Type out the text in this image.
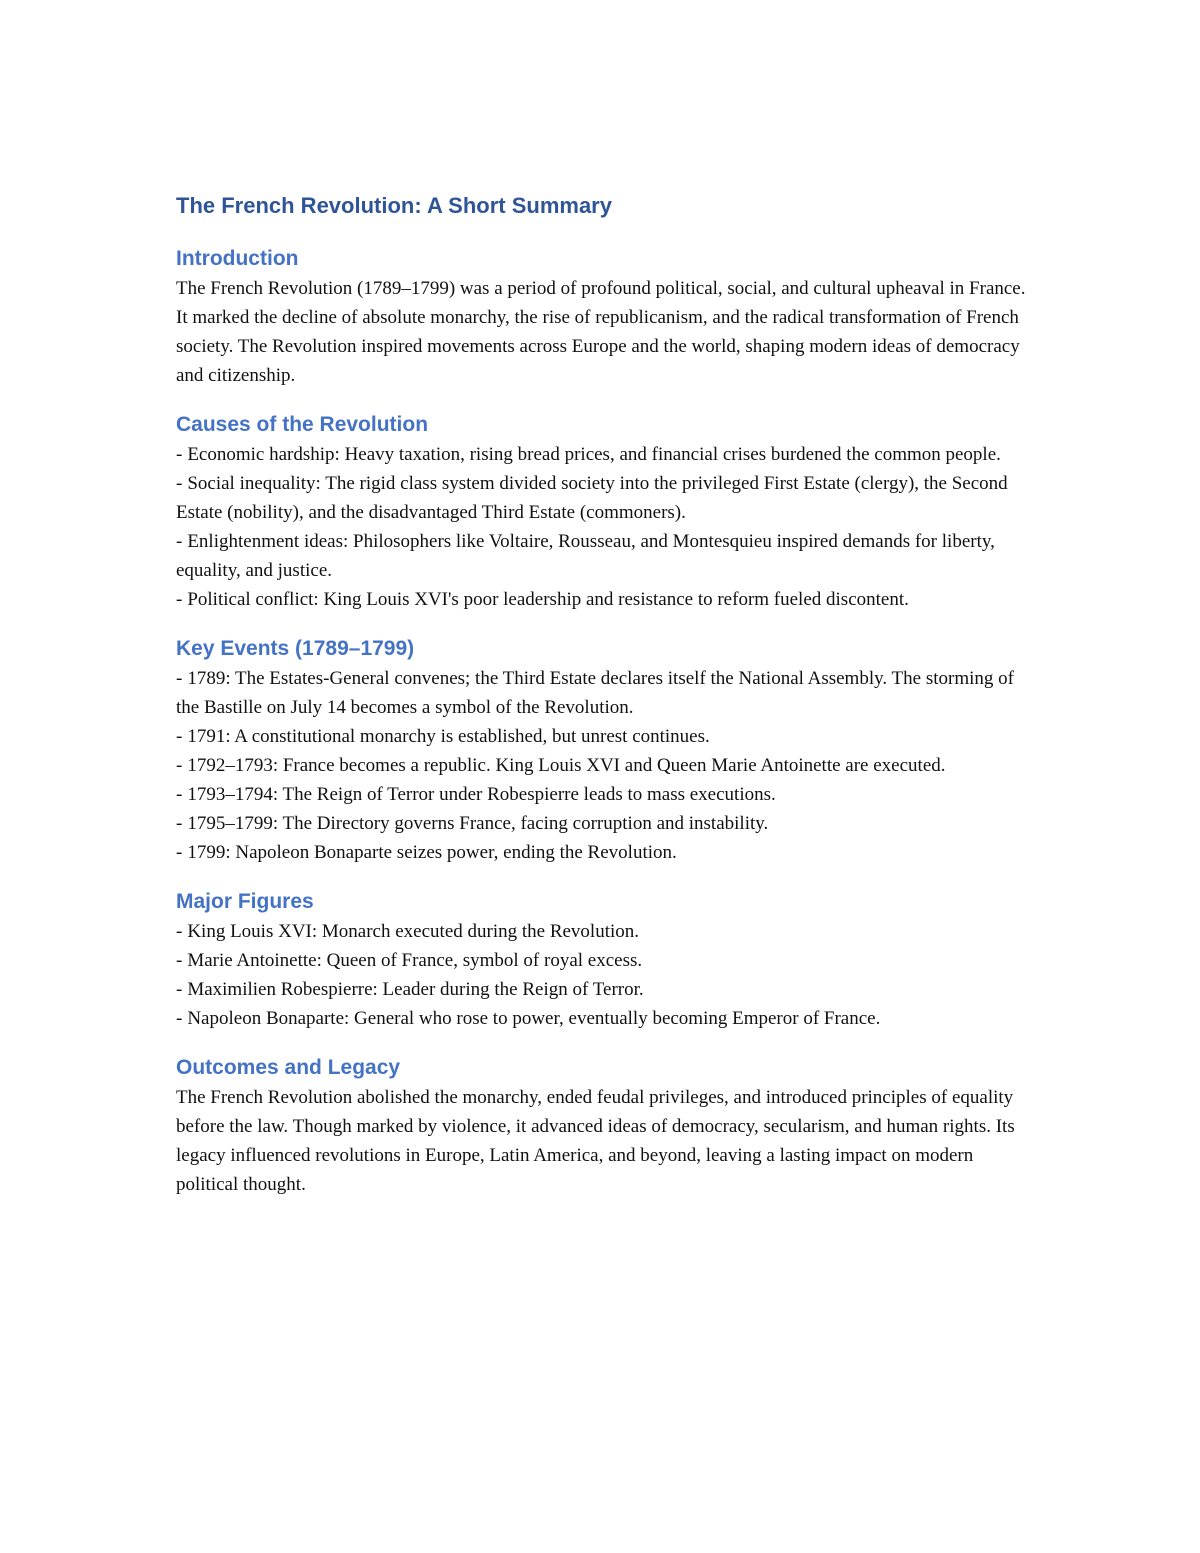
The French Revolution: A Short Summary
Introduction

The French Revolution (1789–1799) was a period of profound political, social, and cultural upheaval in France. It marked the decline of absolute monarchy, the rise of republicanism, and the radical transformation of French society. The Revolution inspired movements across Europe and the world, shaping modern ideas of democracy and citizenship.

Causes of the Revolution
- Economic hardship: Heavy taxation, rising bread prices, and financial crises burdened the common people.
- Social inequality: The rigid class system divided society into the privileged First Estate (clergy), the Second Estate (nobility), and the disadvantaged Third Estate (commoners).
- Enlightenment ideas: Philosophers like Voltaire, Rousseau, and Montesquieu inspired demands for liberty, equality, and justice.
- Political conflict: King Louis XVI's poor leadership and resistance to reform fueled discontent.
Key Events (1789–1799)
- 1789: The Estates-General convenes; the Third Estate declares itself the National Assembly. The storming of the Bastille on July 14 becomes a symbol of the Revolution.
- 1791: A constitutional monarchy is established, but unrest continues.
- 1792–1793: France becomes a republic. King Louis XVI and Queen Marie Antoinette are executed.
- 1793–1794: The Reign of Terror under Robespierre leads to mass executions.
- 1795–1799: The Directory governs France, facing corruption and instability.
- 1799: Napoleon Bonaparte seizes power, ending the Revolution.
Major Figures
- King Louis XVI: Monarch executed during the Revolution.
- Marie Antoinette: Queen of France, symbol of royal excess.
- Maximilien Robespierre: Leader during the Reign of Terror.
- Napoleon Bonaparte: General who rose to power, eventually becoming Emperor of France.
Outcomes and Legacy

The French Revolution abolished the monarchy, ended feudal privileges, and introduced principles of equality before the law. Though marked by violence, it advanced ideas of democracy, secularism, and human rights. Its legacy influenced revolutions in Europe, Latin America, and beyond, leaving a lasting impact on modern political thought.
